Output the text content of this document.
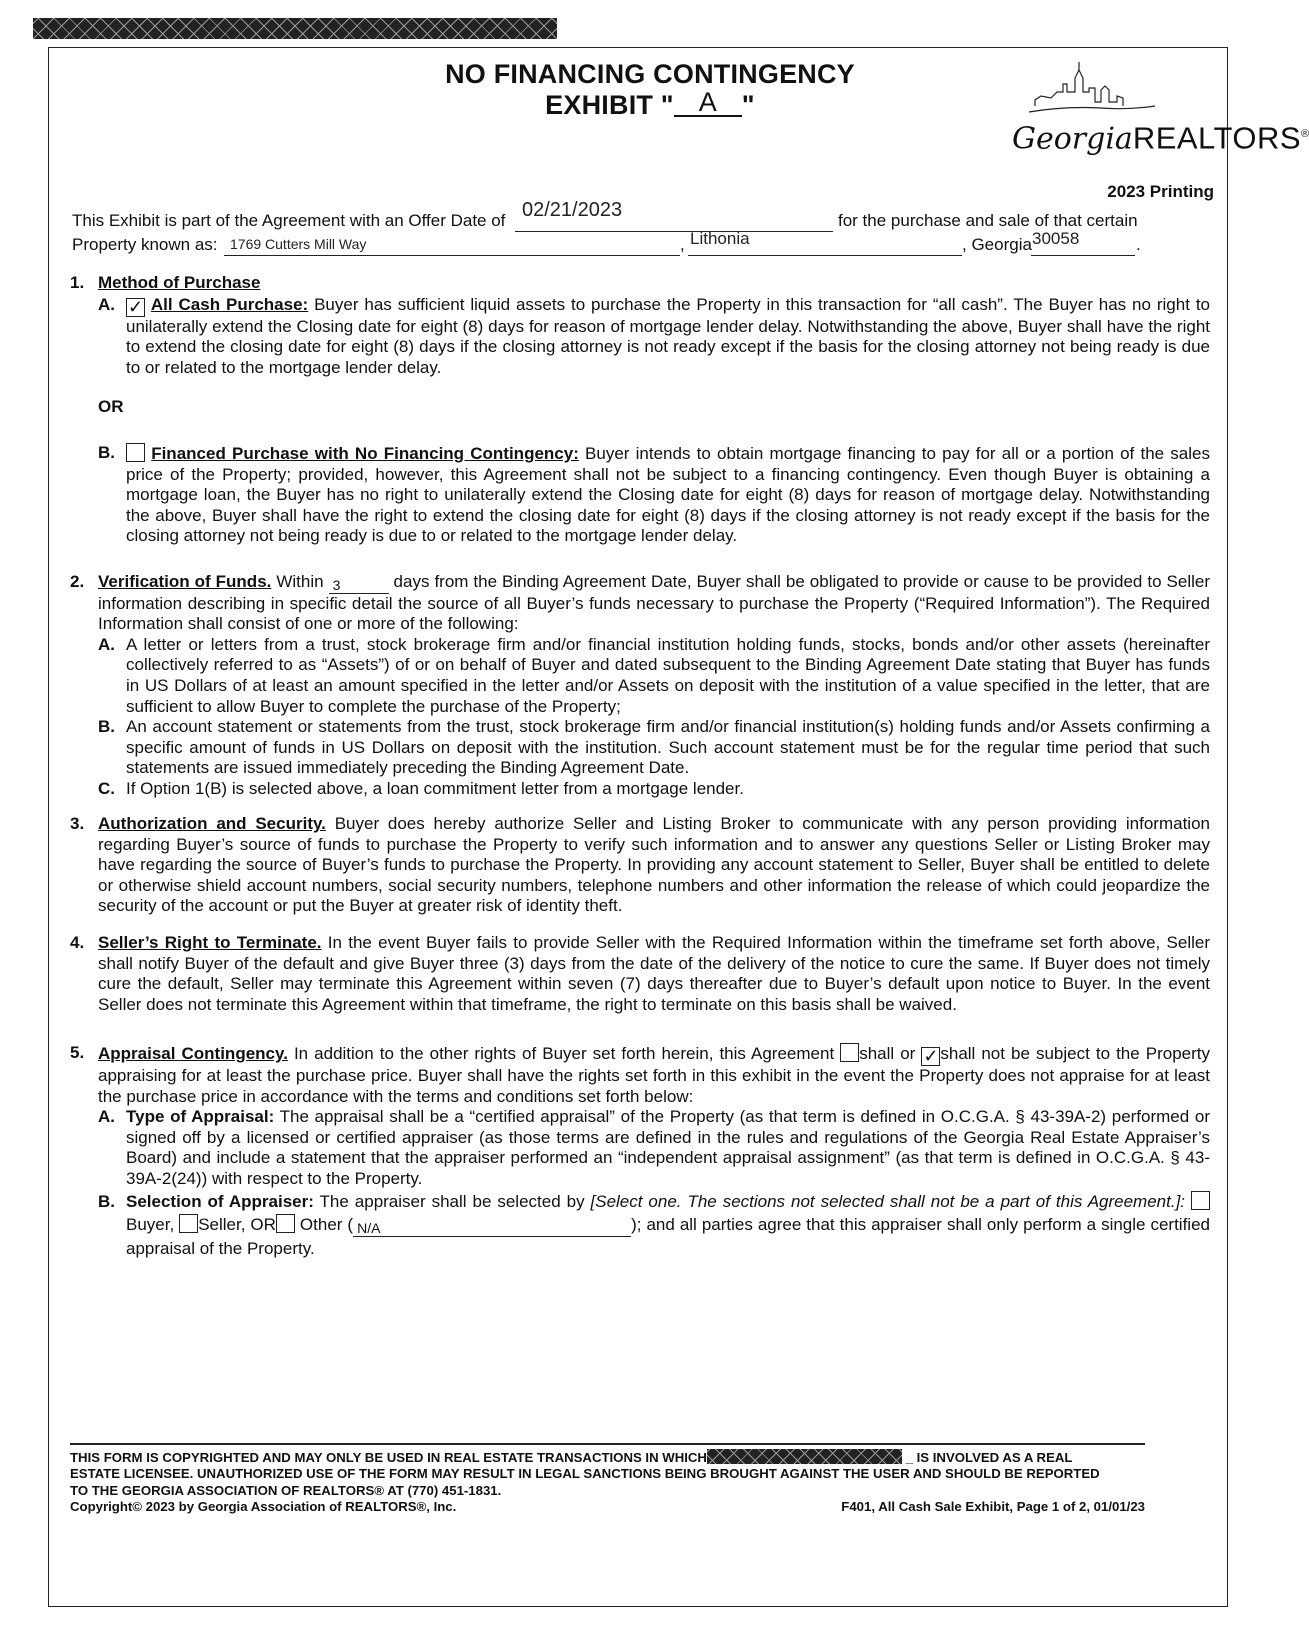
NO FINANCING CONTINGENCY
EXHIBIT " A "
GeorgiaREALTORS®
2023 Printing
This Exhibit is part of the Agreement with an Offer Date of 02/21/2023	for the purchase and sale of that certain
Property known as: 1769 Cutters Mill Way	, Lithonia	, Georgia 30058	.
1. Method of Purchase
A. ✓ All Cash Purchase: Buyer has sufficient liquid assets to purchase the Property in this transaction for “all cash”. The Buyer has no right to unilaterally extend the Closing date for eight (8) days for reason of mortgage lender delay. Notwithstanding the above, Buyer shall have the right to extend the closing date for eight (8) days if the closing attorney is not ready except if the basis for the closing attorney not being ready is due to or related to the mortgage lender delay.
OR
B. Financed Purchase with No Financing Contingency: Buyer intends to obtain mortgage financing to pay for all or a portion of the sales price of the Property; provided, however, this Agreement shall not be subject to a financing contingency. Even though Buyer is obtaining a mortgage loan, the Buyer has no right to unilaterally extend the Closing date for eight (8) days for reason of mortgage delay. Notwithstanding the above, Buyer shall have the right to extend the closing date for eight (8) days if the closing attorney is not ready except if the basis for the closing attorney not being ready is due to or related to the mortgage lender delay.
2. Verification of Funds. Within 3	days from the Binding Agreement Date, Buyer shall be obligated to provide or cause to be provided to Seller information describing in specific detail the source of all Buyer’s funds necessary to purchase the Property (“Required Information”). The Required Information shall consist of one or more of the following:
A. A letter or letters from a trust, stock brokerage firm and/or financial institution holding funds, stocks, bonds and/or other assets (hereinafter collectively referred to as “Assets”) of or on behalf of Buyer and dated subsequent to the Binding Agreement Date stating that Buyer has funds in US Dollars of at least an amount specified in the letter and/or Assets on deposit with the institution of a value specified in the letter, that are sufficient to allow Buyer to complete the purchase of the Property;
B. An account statement or statements from the trust, stock brokerage firm and/or financial institution(s) holding funds and/or Assets confirming a specific amount of funds in US Dollars on deposit with the institution. Such account statement must be for the regular time period that such statements are issued immediately preceding the Binding Agreement Date.
C. If Option 1(B) is selected above, a loan commitment letter from a mortgage lender.
3. Authorization and Security. Buyer does hereby authorize Seller and Listing Broker to communicate with any person providing information regarding Buyer’s source of funds to purchase the Property to verify such information and to answer any questions Seller or Listing Broker may have regarding the source of Buyer’s funds to purchase the Property. In providing any account statement to Seller, Buyer shall be entitled to delete or otherwise shield account numbers, social security numbers, telephone numbers and other information the release of which could jeopardize the security of the account or put the Buyer at greater risk of identity theft.
4. Seller’s Right to Terminate. In the event Buyer fails to provide Seller with the Required Information within the timeframe set forth above, Seller shall notify Buyer of the default and give Buyer three (3) days from the date of the delivery of the notice to cure the same. If Buyer does not timely cure the default, Seller may terminate this Agreement within seven (7) days thereafter due to Buyer’s default upon notice to Buyer. In the event Seller does not terminate this Agreement within that timeframe, the right to terminate on this basis shall be waived.
5. Appraisal Contingency. In addition to the other rights of Buyer set forth herein, this Agreement shall or ✓ shall not be subject to the Property appraising for at least the purchase price. Buyer shall have the rights set forth in this exhibit in the event the Property does not appraise for at least the purchase price in accordance with the terms and conditions set forth below:
A. Type of Appraisal: The appraisal shall be a “certified appraisal” of the Property (as that term is defined in O.C.G.A. § 43-39A-2) performed or signed off by a licensed or certified appraiser (as those terms are defined in the rules and regulations of the Georgia Real Estate Appraiser’s Board) and include a statement that the appraiser performed an “independent appraisal assignment” (as that term is defined in O.C.G.A. § 43-39A-2(24)) with respect to the Property.
B. Selection of Appraiser: The appraiser shall be selected by [Select one. The sections not selected shall not be a part of this Agreement.]:  Buyer, Seller, OR Other ( N/A	); and all parties agree that this appraiser shall only perform a single certified appraisal of the Property.
THIS FORM IS COPYRIGHTED AND MAY ONLY BE USED IN REAL ESTATE TRANSACTIONS IN WHICH	_ IS INVOLVED AS A REAL
ESTATE LICENSEE. UNAUTHORIZED USE OF THE FORM MAY RESULT IN LEGAL SANCTIONS BEING BROUGHT AGAINST THE USER AND SHOULD BE REPORTED
TO THE GEORGIA ASSOCIATION OF REALTORS® AT (770) 451-1831.
Copyright© 2023 by Georgia Association of REALTORS®, Inc.	F401, All Cash Sale Exhibit, Page 1 of 2, 01/01/23
